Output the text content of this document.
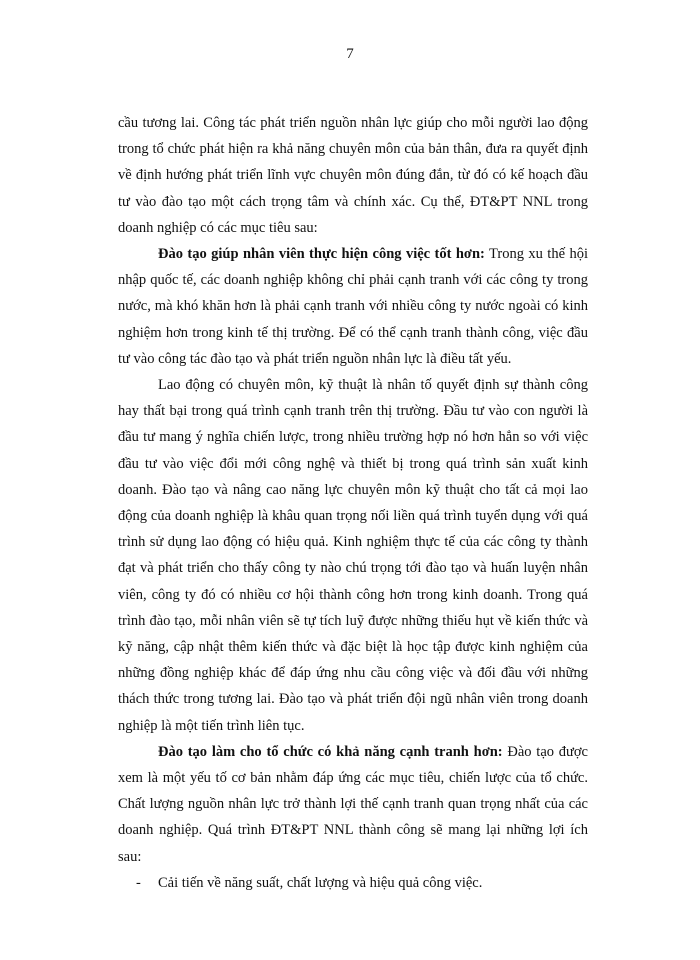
7

cầu tương lai. Công tác phát triển nguồn nhân lực giúp cho mỗi người lao động trong tổ chức phát hiện ra khả năng chuyên môn của bản thân, đưa ra quyết định về định hướng phát triển lĩnh vực chuyên môn đúng đắn, từ đó có kế hoạch đầu tư vào đào tạo một cách trọng tâm và chính xác. Cụ thể, ĐT&PT NNL trong doanh nghiệp có các mục tiêu sau:

Đào tạo giúp nhân viên thực hiện công việc tốt hơn: Trong xu thế hội nhập quốc tế, các doanh nghiệp không chỉ phải cạnh tranh với các công ty trong nước, mà khó khăn hơn là phải cạnh tranh với nhiều công ty nước ngoài có kinh nghiệm hơn trong kinh tế thị trường. Để có thể cạnh tranh thành công, việc đầu tư vào công tác đào tạo và phát triển nguồn nhân lực là điều tất yếu.

Lao động có chuyên môn, kỹ thuật là nhân tố quyết định sự thành công hay thất bại trong quá trình cạnh tranh trên thị trường. Đầu tư vào con người là đầu tư mang ý nghĩa chiến lược, trong nhiều trường hợp nó hơn hẳn so với việc đầu tư vào việc đổi mới công nghệ và thiết bị trong quá trình sản xuất kinh doanh. Đào tạo và nâng cao năng lực chuyên môn kỹ thuật cho tất cả mọi lao động của doanh nghiệp là khâu quan trọng nối liền quá trình tuyển dụng với quá trình sử dụng lao động có hiệu quả. Kinh nghiệm thực tế của các công ty thành đạt và phát triển cho thấy công ty nào chú trọng tới đào tạo và huấn luyện nhân viên, công ty đó có nhiều cơ hội thành công hơn trong kinh doanh. Trong quá trình đào tạo, mỗi nhân viên sẽ tự tích luỹ được những thiếu hụt về kiến thức và kỹ năng, cập nhật thêm kiến thức và đặc biệt là học tập được kinh nghiệm của những đồng nghiệp khác để đáp ứng nhu cầu công việc và đối đầu với những thách thức trong tương lai. Đào tạo và phát triển đội ngũ nhân viên trong doanh nghiệp là một tiến trình liên tục.

Đào tạo làm cho tổ chức có khả năng cạnh tranh hơn: Đào tạo được xem là một yếu tố cơ bản nhằm đáp ứng các mục tiêu, chiến lược của tổ chức. Chất lượng nguồn nhân lực trở thành lợi thế cạnh tranh quan trọng nhất của các doanh nghiệp. Quá trình ĐT&PT NNL thành công sẽ mang lại những lợi ích sau:

- Cải tiến về năng suất, chất lượng và hiệu quả công việc.
